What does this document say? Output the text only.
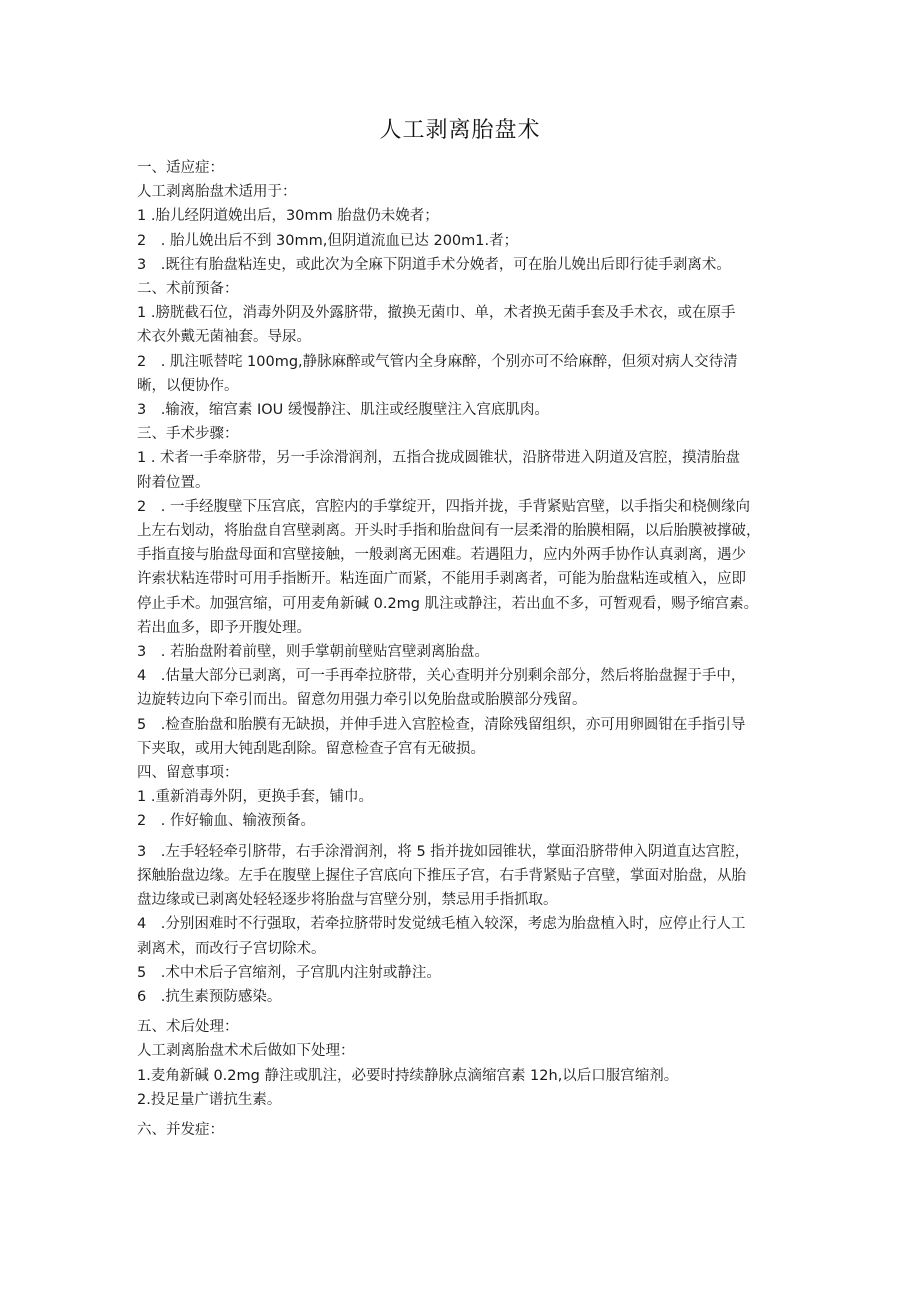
人工剥离胎盘术
一、适应症：
人工剥离胎盘术适用于：
1 .胎儿经阴道娩出后，30mm 胎盘仍未娩者；
2　. 胎儿娩出后不到 30mm,但阴道流血已达 200m1.者；
3　.既往有胎盘粘连史，或此次为全麻下阴道手术分娩者，可在胎儿娩出后即行徒手剥离术。
二、术前预备：
1 .膀胱截石位，消毒外阴及外露脐带，撤换无菌巾、单，术者换无菌手套及手术衣，或在原手
术衣外戴无菌袖套。导尿。
2　. 肌注哌替咤 100mg,静脉麻醉或气管内全身麻醉，个别亦可不给麻醉，但须对病人交待清
晰，以便协作。
3　.输液，缩宫素 IOU 缓慢静注、肌注或经腹壁注入宫底肌肉。
三、手术步骤：
1 . 术者一手牵脐带，另一手涂滑润剂，五指合拢成圆锥状，沿脐带进入阴道及宫腔，摸清胎盘
附着位置。
2　. 一手经腹壁下压宫底，宫腔内的手掌绽开，四指并拢，手背紧贴宫壁，以手指尖和桡侧缘向
上左右划动，将胎盘自宫壁剥离。开头时手指和胎盘间有一层柔滑的胎膜相隔，以后胎膜被撑破，
手指直接与胎盘母面和宫壁接触，一般剥离无困难。若遇阻力，应内外两手协作认真剥离，遇少
许索状粘连带时可用手指断开。粘连面广而紧，不能用手剥离者，可能为胎盘粘连或植入，应即
停止手术。加强宫缩，可用麦角新碱 0.2mg 肌注或静注，若出血不多，可暂观看，赐予缩宫素。
若出血多，即予开腹处理。
3　. 若胎盘附着前壁，则手掌朝前壁贴宫壁剥离胎盘。
4　.估量大部分已剥离，可一手再牵拉脐带，关心查明并分别剩余部分，然后将胎盘握于手中，
边旋转边向下牵引而出。留意勿用强力牵引以免胎盘或胎膜部分残留。
5　.检查胎盘和胎膜有无缺损，并伸手进入宫腔检查，清除残留组织，亦可用卵圆钳在手指引导
下夹取，或用大钝刮匙刮除。留意检查子宫有无破损。
四、留意事项：
1 .重新消毒外阴，更换手套，铺巾。
2　. 作好输血、输液预备。
3　.左手轻轻牵引脐带，右手涂滑润剂，将 5 指并拢如园锥状，掌面沿脐带伸入阴道直达宫腔，
探触胎盘边缘。左手在腹壁上握住子宫底向下推压子宫，右手背紧贴子宫壁，掌面对胎盘，从胎
盘边缘或已剥离处轻轻逐步将胎盘与宫壁分别，禁忌用手指抓取。
4　.分别困难时不行强取，若牵拉脐带时发觉绒毛植入较深，考虑为胎盘植入时，应停止行人工
剥离术，而改行子宫切除术。
5　.术中术后子宫缩剂，子宫肌内注射或静注。
6　.抗生素预防感染。
五、术后处理：
人工剥离胎盘术术后做如下处理：
1.麦角新碱 0.2mg 静注或肌注，必要时持续静脉点滴缩宫素 12h,以后口服宫缩剂。
2.投足量广谱抗生素。
六、并发症：
